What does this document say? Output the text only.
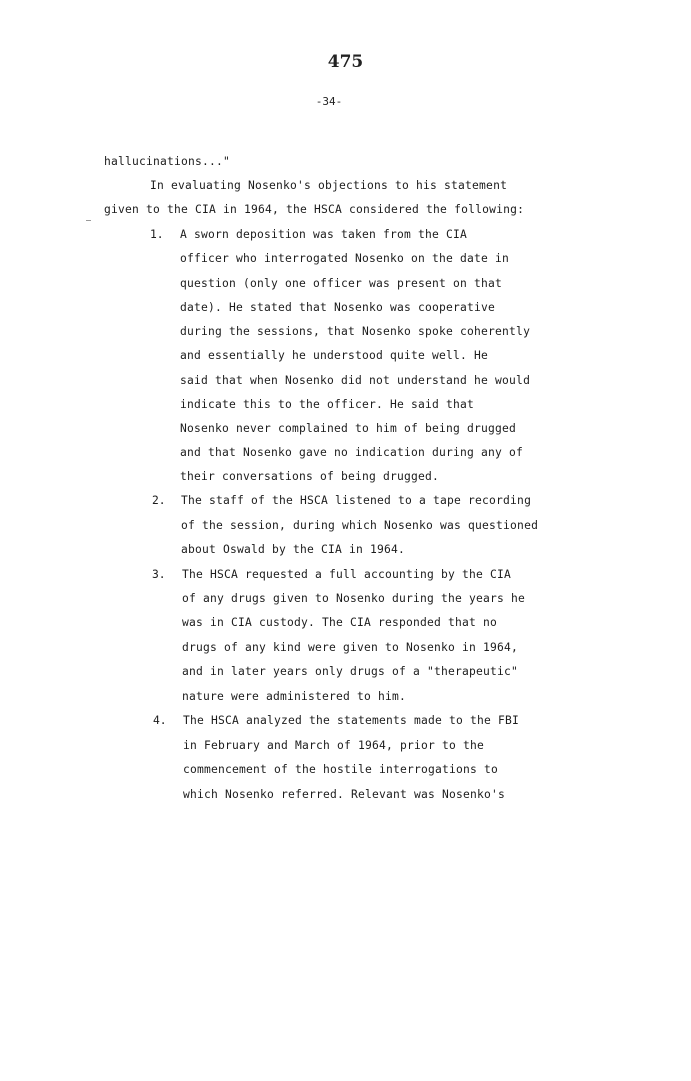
475
-34-
hallucinations..."
In evaluating Nosenko's objections to his statement
given to the CIA in 1964, the HSCA considered the following:
1. A sworn deposition was taken from the CIA
officer who interrogated Nosenko on the date in
question (only one officer was present on that
date). He stated that Nosenko was cooperative
during the sessions, that Nosenko spoke coherently
and essentially he understood quite well. He
said that when Nosenko did not understand he would
indicate this to the officer. He said that
Nosenko never complained to him of being drugged
and that Nosenko gave no indication during any of
their conversations of being drugged.
2. The staff of the HSCA listened to a tape recording
of the session, during which Nosenko was questioned
about Oswald by the CIA in 1964.
3. The HSCA requested a full accounting by the CIA
of any drugs given to Nosenko during the years he
was in CIA custody. The CIA responded that no
drugs of any kind were given to Nosenko in 1964,
and in later years only drugs of a "therapeutic"
nature were administered to him.
4. The HSCA analyzed the statements made to the FBI
in February and March of 1964, prior to the
commencement of the hostile interrogations to
which Nosenko referred. Relevant was Nosenko's
